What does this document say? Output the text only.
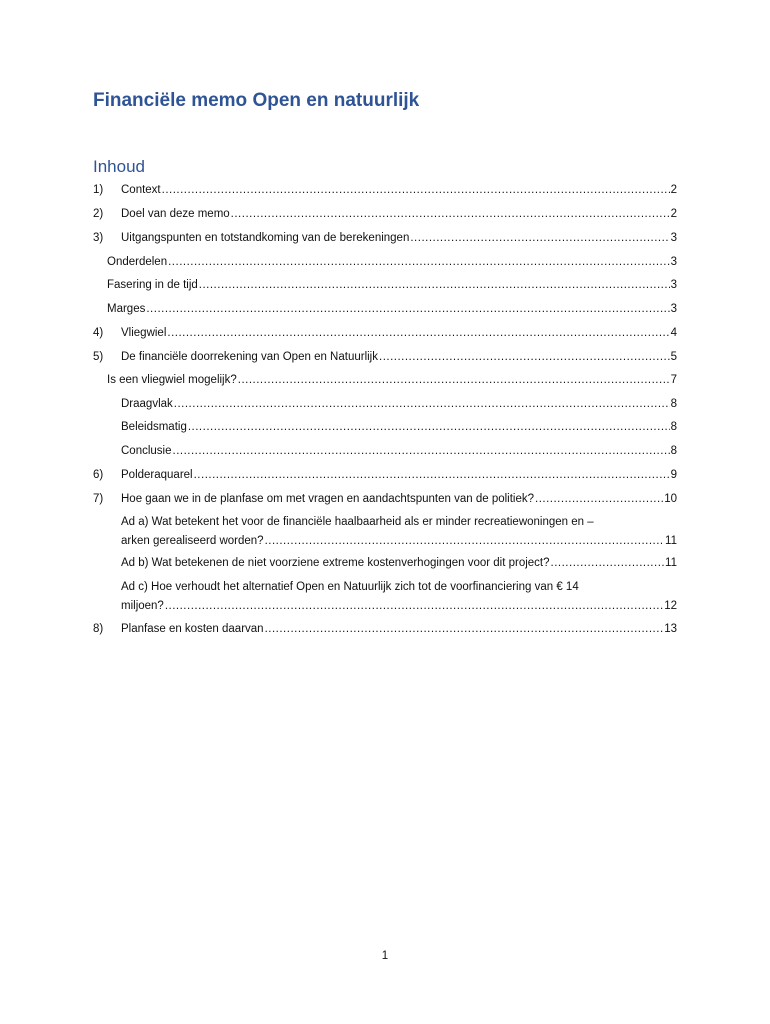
Financiële memo Open en natuurlijk
Inhoud
1) Context .....	2
2) Doel van deze memo .....	2
3) Uitgangspunten en totstandkoming van de berekeningen .....	3
Onderdelen .....	3
Fasering in de tijd .....	3
Marges .....	3
4) Vliegwiel .....	4
5) De financiële doorrekening van Open en Natuurlijk .....	5
Is een vliegwiel mogelijk? .....	7
Draagvlak .....	8
Beleidsmatig .....	8
Conclusie .....	8
6) Polderaquarel .....	9
7) Hoe gaan we in de planfase om met vragen en aandachtspunten van de politiek? .....	10
Ad a) Wat betekent het voor de financiële haalbaarheid als er minder recreatiewoningen en –
arken gerealiseerd worden? .....	11
Ad b) Wat betekenen de niet voorziene extreme kostenverhogingen voor dit project? .....	11
Ad c) Hoe verhoudt het alternatief Open en Natuurlijk zich tot de voorfinanciering van € 14
miljoen? .....	12
8) Planfase en kosten daarvan .....	13
1
